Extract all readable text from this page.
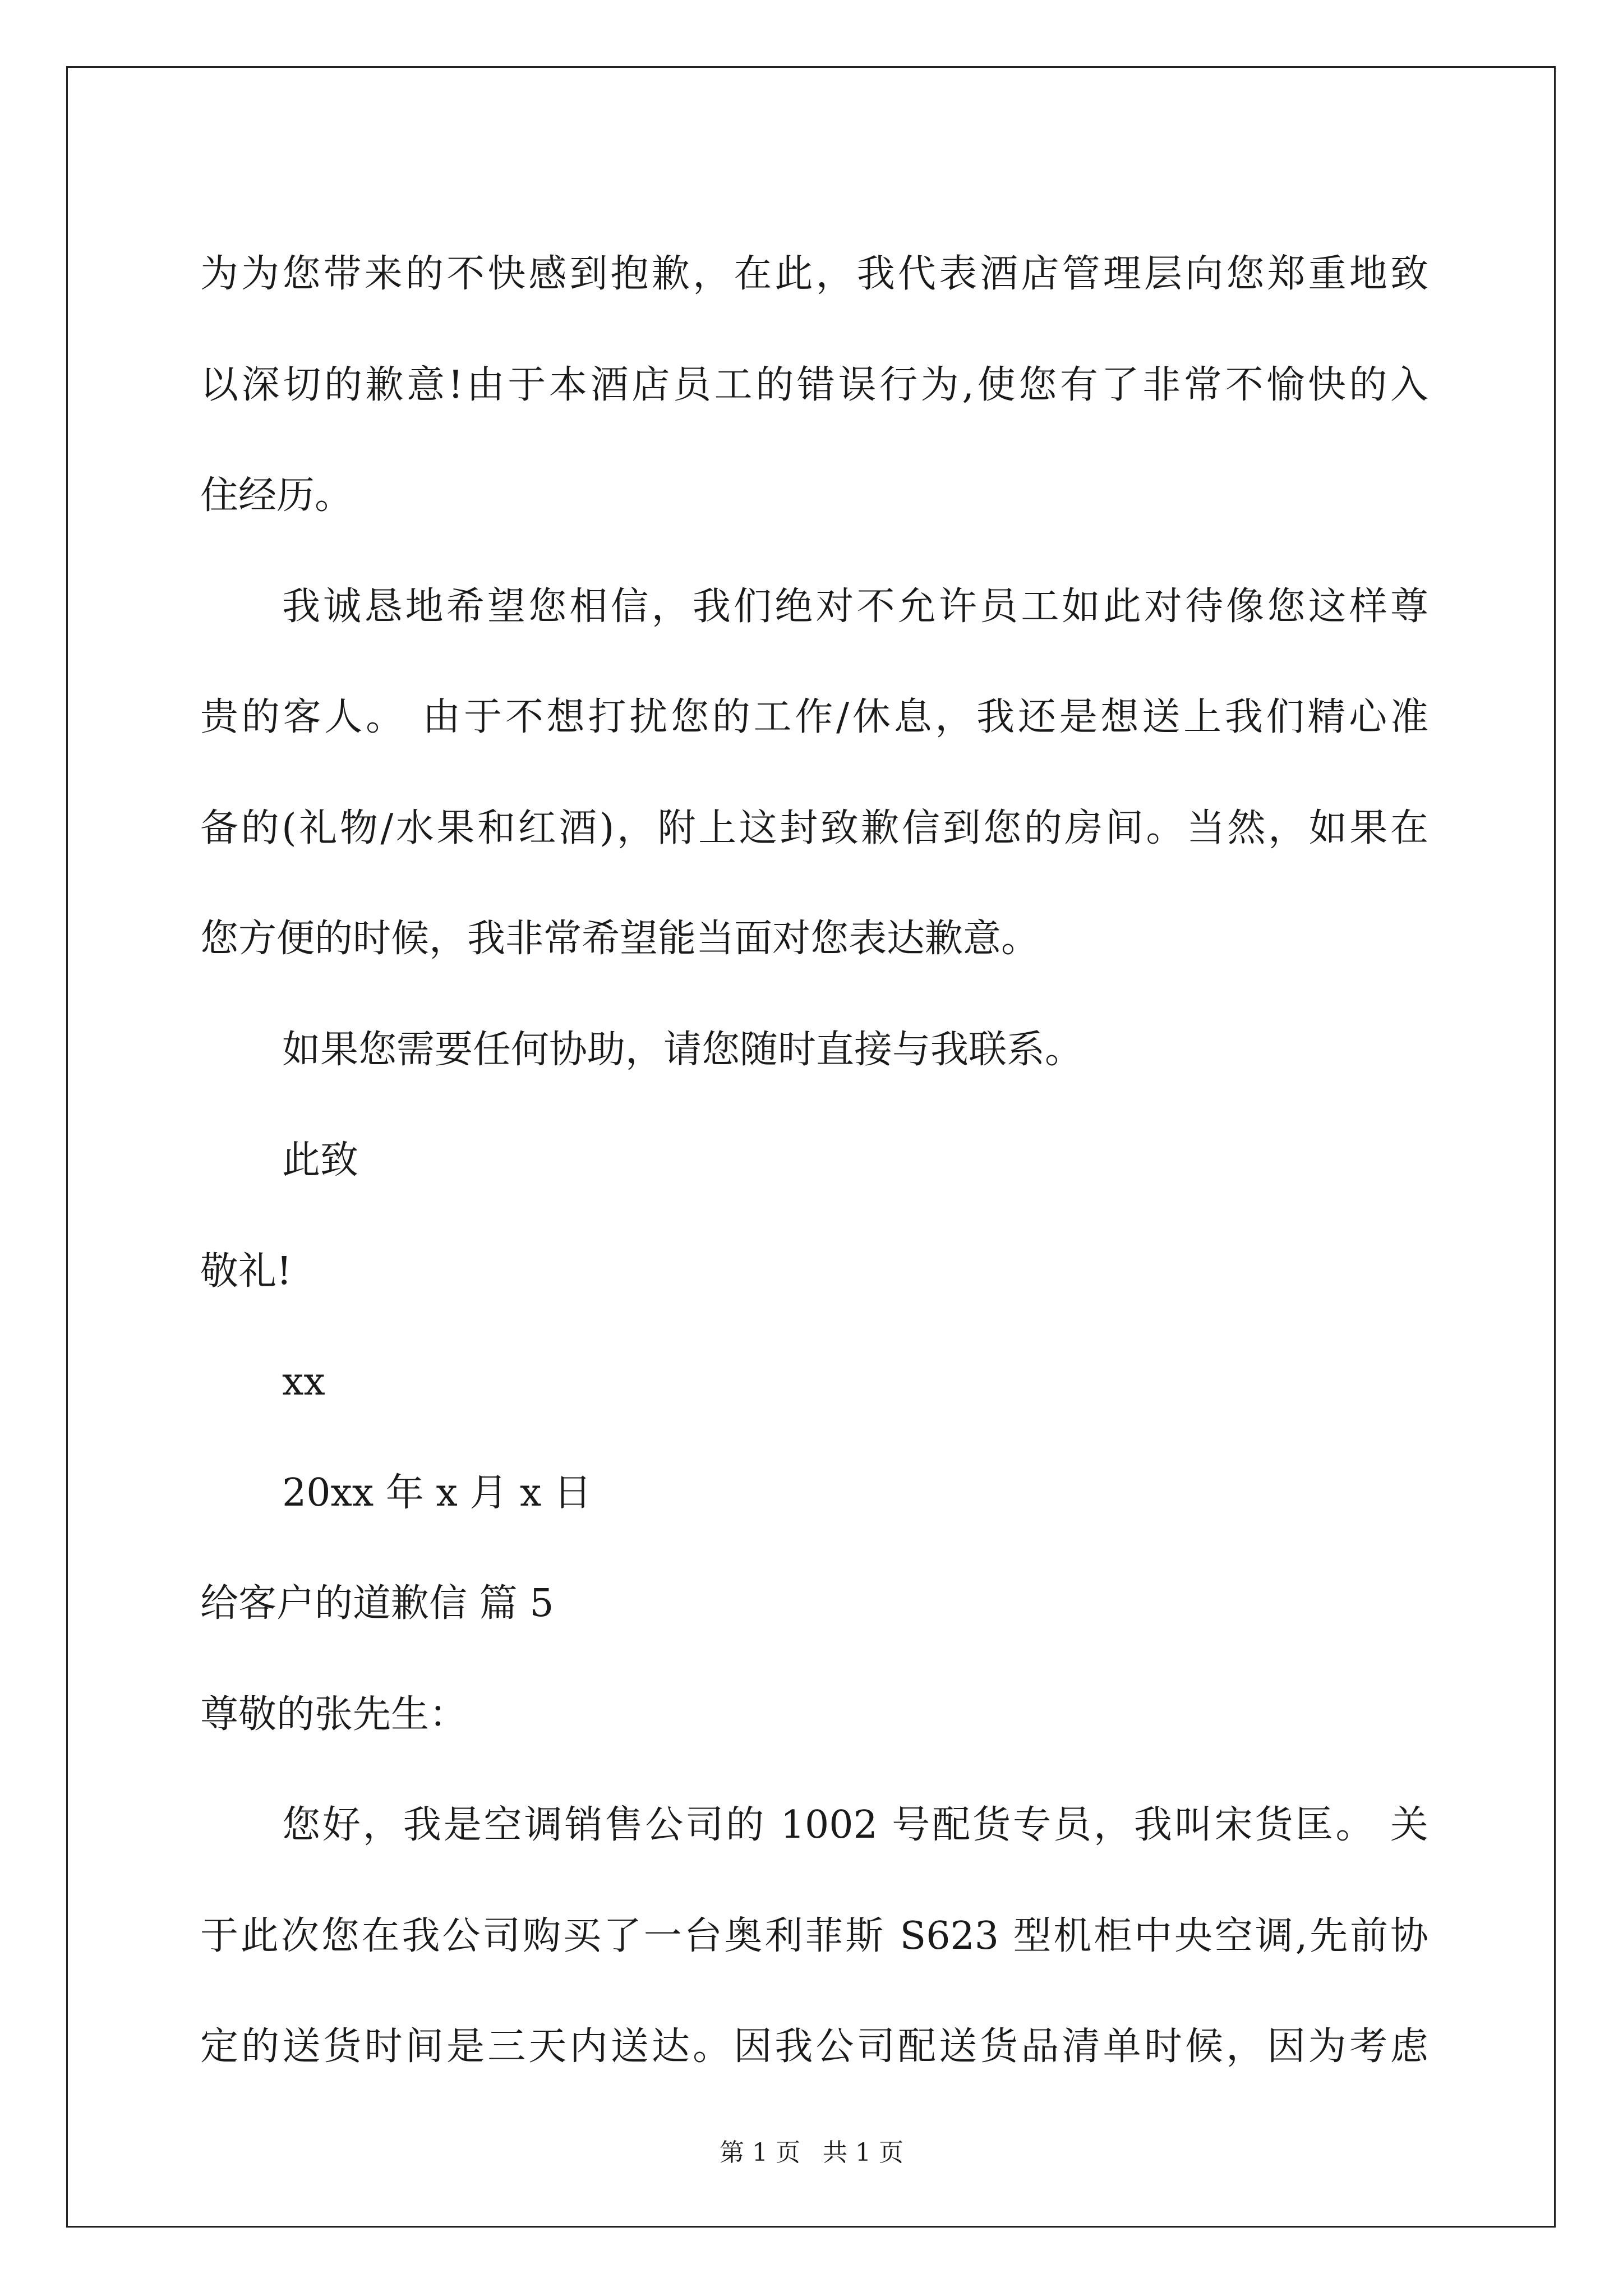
为为您带来的不快感到抱歉，在此，我代表酒店管理层向您郑重地致
以深切的歉意!由于本酒店员工的错误行为,使您有了非常不愉快的入
住经历。
我诚恳地希望您相信，我们绝对不允许员工如此对待像您这样尊
贵的客人。 由于不想打扰您的工作/休息，我还是想送上我们精心准
备的(礼物/水果和红酒)，附上这封致歉信到您的房间。当然，如果在
您方便的时候，我非常希望能当面对您表达歉意。
如果您需要任何协助，请您随时直接与我联系。
此致
敬礼!
xx
20xx 年 x 月 x 日
给客户的道歉信 篇 5
尊敬的张先生：
您好，我是空调销售公司的 1002 号配货专员，我叫宋货匡。 关
于此次您在我公司购买了一台奥利菲斯 S623 型机柜中央空调,先前协
定的送货时间是三天内送达。因我公司配送货品清单时候，因为考虑
第 1 页 共 1 页
